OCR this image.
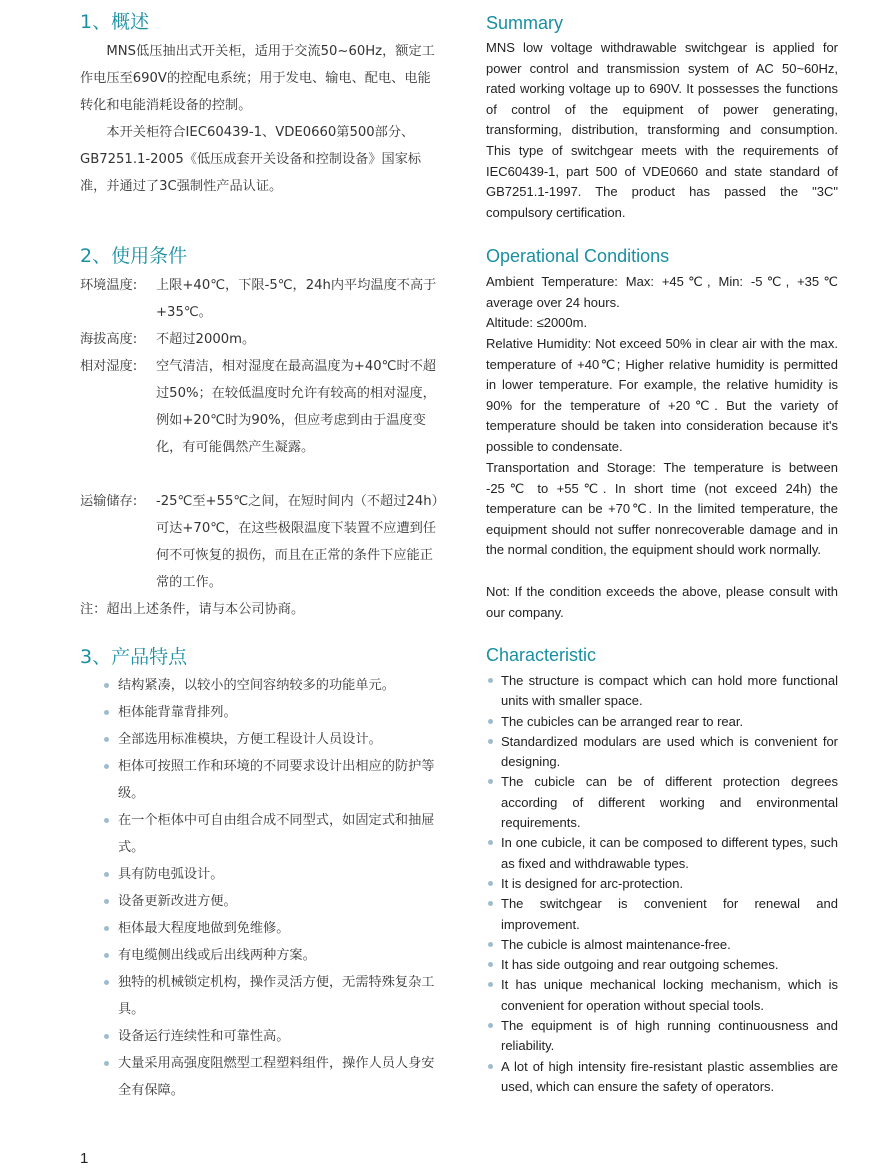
1、概述

MNS低压抽出式开关柜，适用于交流50~60Hz，额定工作电压至690V的控配电系统；用于发电、输电、配电、电能转化和电能消耗设备的控制。

本开关柜符合IEC60439-1、VDE0660第500部分、GB7251.1-2005《低压成套开关设备和控制设备》国家标准，并通过了3C强制性产品认证。

2、使用条件
环境温度:	上限+40℃，下限-5℃，24h内平均温度不高于+35℃。
海拔高度:	不超过2000m。
相对湿度:	空气清洁，相对湿度在最高温度为+40℃时不超过50%；在较低温度时允许有较高的相对湿度，例如+20℃时为90%，但应考虑到由于温度变化，有可能偶然产生凝露。
运输储存:	-25℃至+55℃之间，在短时间内（不超过24h）可达+70℃，在这些极限温度下装置不应遭到任何不可恢复的损伤，而且在正常的条件下应能正常的工作。

注：超出上述条件，请与本公司协商。

3、产品特点
结构紧凑，以较小的空间容纳较多的功能单元。
柜体能背靠背排列。
全部选用标准模块，方便工程设计人员设计。
柜体可按照工作和环境的不同要求设计出相应的防护等级。
在一个柜体中可自由组合成不同型式，如固定式和抽屉式。
具有防电弧设计。
设备更新改进方便。
柜体最大程度地做到免维修。
有电缆侧出线或后出线两种方案。
独特的机械锁定机构，操作灵活方便，无需特殊复杂工具。
设备运行连续性和可靠性高。
大量采用高强度阻燃型工程塑料组件，操作人员人身安全有保障。
Summary

MNS low voltage withdrawable switchgear is applied for power control and transmission system of AC 50~60Hz, rated working voltage up to 690V. It possesses the functions of control of the equipment of power generating, transforming, distribution, transforming and consumption. This type of switchgear meets with the requirements of IEC60439-1, part 500 of VDE0660 and state standard of GB7251.1-1997. The product has passed the "3C" compulsory certification.

Operational Conditions

Ambient Temperature: Max: +45℃, Min: -5℃, +35℃ average over 24 hours.

Altitude: ≤2000m.

Relative Humidity: Not exceed 50% in clear air with the max. temperature of +40℃; Higher relative humidity is permitted in lower temperature. For example, the relative humidity is 90% for the temperature of +20℃. But the variety of temperature should be taken into consideration because it's possible to condensate.

Transportation and Storage: The temperature is between -25℃ to +55℃. In short time (not exceed 24h) the temperature can be +70℃. In the limited temperature, the equipment should not suffer nonrecoverable damage and in the normal condition, the equipment should work normally.

Not: If the condition exceeds the above, please consult with our company.

Characteristic
The structure is compact which can hold more functional units with smaller space.
The cubicles can be arranged rear to rear.
Standardized modulars are used which is convenient for designing.
The cubicle can be of different protection degrees according of different working and environmental requirements.
In one cubicle, it can be composed to different types, such as fixed and withdrawable types.
It is designed for arc-protection.
The switchgear is convenient for renewal and improvement.
The cubicle is almost maintenance-free.
It has side outgoing and rear outgoing schemes.
It has unique mechanical locking mechanism, which is convenient for operation without special tools.
The equipment is of high running continuousness and reliability.
A lot of high intensity fire-resistant plastic assemblies are used, which can ensure the safety of operators.
1
